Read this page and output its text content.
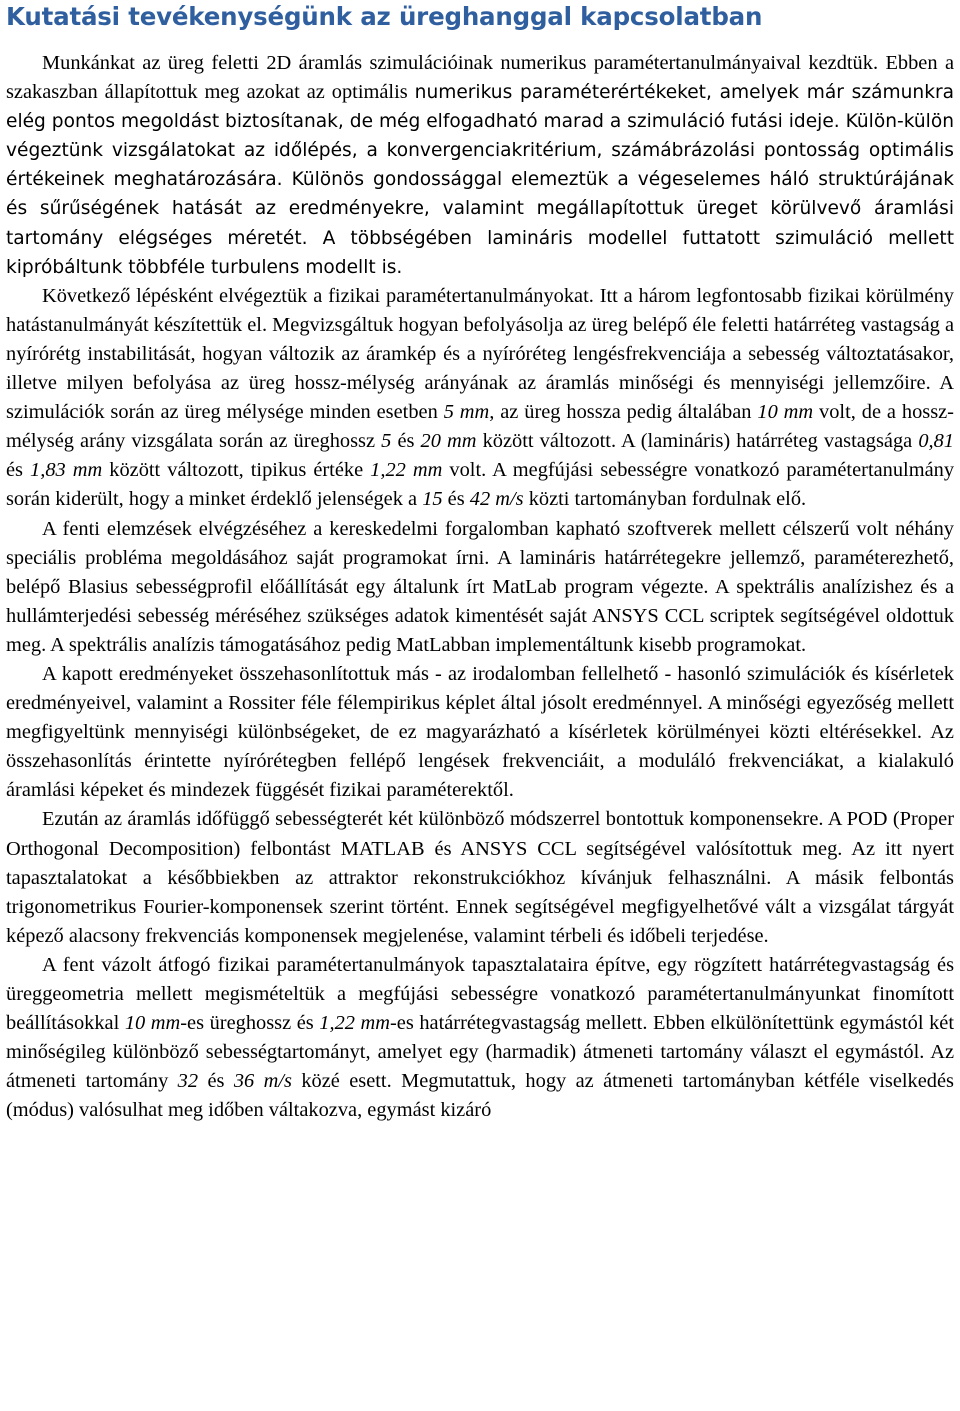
Kutatási tevékenységünk az üreghanggal kapcsolatban

Munkánkat az üreg feletti 2D áramlás szimulációinak numerikus paramétertanulmányaival kezdtük. Ebben a szakaszban állapítottuk meg azokat az optimális numerikus paraméterértékeket, amelyek már számunkra elég pontos megoldást biztosítanak, de még elfogadható marad a szimuláció futási ideje. Külön-külön végeztünk vizsgálatokat az időlépés, a konvergenciakritérium, számábrázolási pontosság optimális értékeinek meghatározására. Különös gondossággal elemeztük a végeselemes háló struktúrájának és sűrűségének hatását az eredményekre, valamint megállapítottuk üreget körülvevő áramlási tartomány elégséges méretét. A többségében lamináris modellel futtatott szimuláció mellett kipróbáltunk többféle turbulens modellt is.

Következő lépésként elvégeztük a fizikai paramétertanulmányokat. Itt a három legfontosabb fizikai körülmény hatástanulmányát készítettük el. Megvizsgáltuk hogyan befolyásolja az üreg belépő éle feletti határréteg vastagság a nyírórétg instabilitását, hogyan változik az áramkép és a nyíróréteg lengésfrekvenciája a sebesség változtatásakor, illetve milyen befolyása az üreg hossz-mélység arányának az áramlás minőségi és mennyiségi jellemzőire. A szimulációk során az üreg mélysége minden esetben 5 mm, az üreg hossza pedig általában 10 mm volt, de a hossz-mélység arány vizsgálata során az üreghossz 5 és 20 mm között változott. A (lamináris) határréteg vastagsága 0,81 és 1,83 mm között változott, tipikus értéke 1,22 mm volt. A megfújási sebességre vonatkozó paramétertanulmány során kiderült, hogy a minket érdeklő jelenségek a 15 és 42 m/s közti tartományban fordulnak elő.

A fenti elemzések elvégzéséhez a kereskedelmi forgalomban kapható szoftverek mellett célszerű volt néhány speciális probléma megoldásához saját programokat írni. A lamináris határrétegekre jellemző, paraméterezhető, belépő Blasius sebességprofil előállítását egy általunk írt MatLab program végezte. A spektrális analízishez és a hullámterjedési sebesség méréséhez szükséges adatok kimentését saját ANSYS CCL scriptek segítségével oldottuk meg. A spektrális analízis támogatásához pedig MatLabban implementáltunk kisebb programokat.

A kapott eredményeket összehasonlítottuk más - az irodalomban fellelhető - hasonló szimulációk és kísérletek eredményeivel, valamint a Rossiter féle félempirikus képlet által jósolt eredménnyel. A minőségi egyezőség mellett megfigyeltünk mennyiségi különbségeket, de ez magyarázható a kísérletek körülményei közti eltérésekkel. Az összehasonlítás érintette nyírórétegben fellépő lengések frekvenciáit, a moduláló frekvenciákat, a kialakuló áramlási képeket és mindezek függését fizikai paraméterektől.

Ezután az áramlás időfüggő sebességterét két különböző módszerrel bontottuk komponensekre. A POD (Proper Orthogonal Decomposition) felbontást MATLAB és ANSYS CCL segítségével valósítottuk meg. Az itt nyert tapasztalatokat a későbbiekben az attraktor rekonstrukciókhoz kívánjuk felhasználni. A másik felbontás trigonometrikus Fourier-komponensek szerint történt. Ennek segítségével megfigyelhetővé vált a vizsgálat tárgyát képező alacsony frekvenciás komponensek megjelenése, valamint térbeli és időbeli terjedése.

A fent vázolt átfogó fizikai paramétertanulmányok tapasztalataira építve, egy rögzített határrétegvastagság és üreggeometria mellett megismételtük a megfújási sebességre vonatkozó paramétertanulmányunkat finomított beállításokkal 10 mm-es üreghossz és 1,22 mm-es határrétegvastagság mellett. Ebben elkülönítettünk egymástól két minőségileg különböző sebességtartományt, amelyet egy (harmadik) átmeneti tartomány választ el egymástól. Az átmeneti tartomány 32 és 36 m/s közé esett. Megmutattuk, hogy az átmeneti tartományban kétféle viselkedés (módus) valósulhat meg időben váltakozva, egymást kizáró
